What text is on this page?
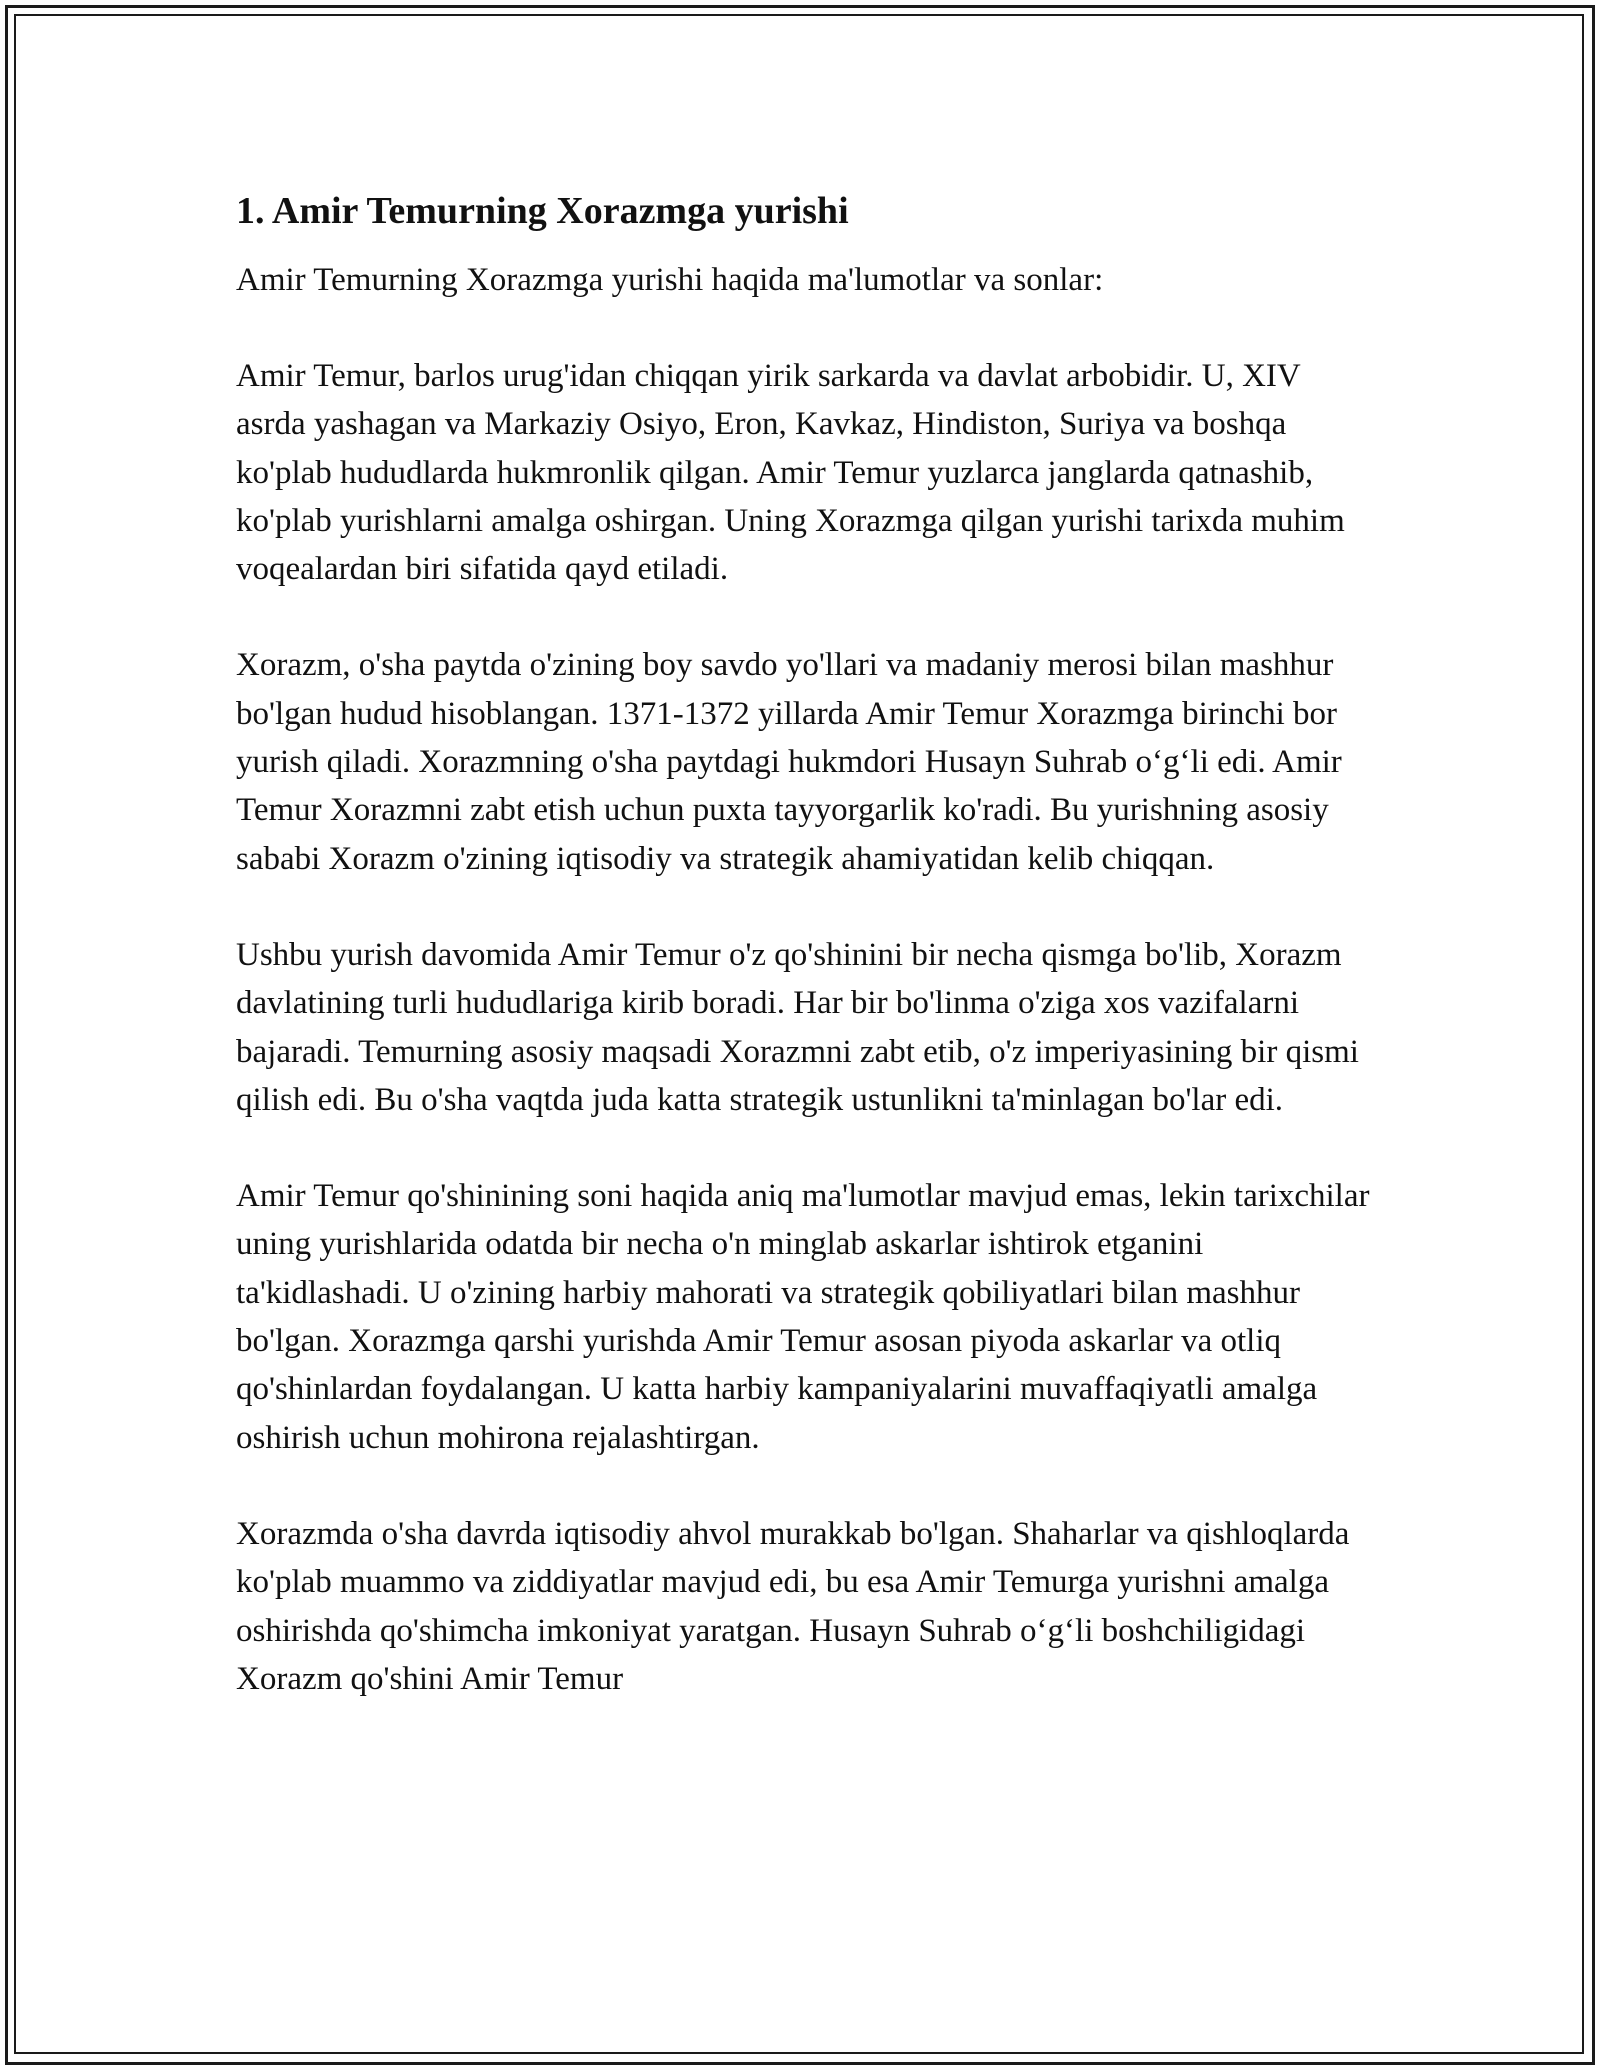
1. Amir Temurning Xorazmga yurishi

Amir Temurning Xorazmga yurishi haqida ma'lumotlar va sonlar:

Amir Temur, barlos urug'idan chiqqan yirik sarkarda va davlat arbobidir. U, XIV asrda yashagan va Markaziy Osiyo, Eron, Kavkaz, Hindiston, Suriya va boshqa ko'plab hududlarda hukmronlik qilgan. Amir Temur yuzlarca janglarda qatnashib, ko'plab yurishlarni amalga oshirgan. Uning Xorazmga qilgan yurishi tarixda muhim voqealardan biri sifatida qayd etiladi.

Xorazm, o'sha paytda o'zining boy savdo yo'llari va madaniy merosi bilan mashhur bo'lgan hudud hisoblangan. 1371-1372 yillarda Amir Temur Xorazmga birinchi bor yurish qiladi. Xorazmning o'sha paytdagi hukmdori Husayn Suhrab o‘g‘li edi. Amir Temur Xorazmni zabt etish uchun puxta tayyorgarlik ko'radi. Bu yurishning asosiy sababi Xorazm o'zining iqtisodiy va strategik ahamiyatidan kelib chiqqan.

Ushbu yurish davomida Amir Temur o'z qo'shinini bir necha qismga bo'lib, Xorazm davlatining turli hududlariga kirib boradi. Har bir bo'linma o'ziga xos vazifalarni bajaradi. Temurning asosiy maqsadi Xorazmni zabt etib, o'z imperiyasining bir qismi qilish edi. Bu o'sha vaqtda juda katta strategik ustunlikni ta'minlagan bo'lar edi.

Amir Temur qo'shinining soni haqida aniq ma'lumotlar mavjud emas, lekin tarixchilar uning yurishlarida odatda bir necha o'n minglab askarlar ishtirok etganini ta'kidlashadi. U o'zining harbiy mahorati va strategik qobiliyatlari bilan mashhur bo'lgan. Xorazmga qarshi yurishda Amir Temur asosan piyoda askarlar va otliq qo'shinlardan foydalangan. U katta harbiy kampaniyalarini muvaffaqiyatli amalga oshirish uchun mohirona rejalashtirgan.

Xorazmda o'sha davrda iqtisodiy ahvol murakkab bo'lgan. Shaharlar va qishloqlarda ko'plab muammo va ziddiyatlar mavjud edi, bu esa Amir Temurga yurishni amalga oshirishda qo'shimcha imkoniyat yaratgan. Husayn Suhrab o‘g‘li boshchiligidagi Xorazm qo'shini Amir Temur
